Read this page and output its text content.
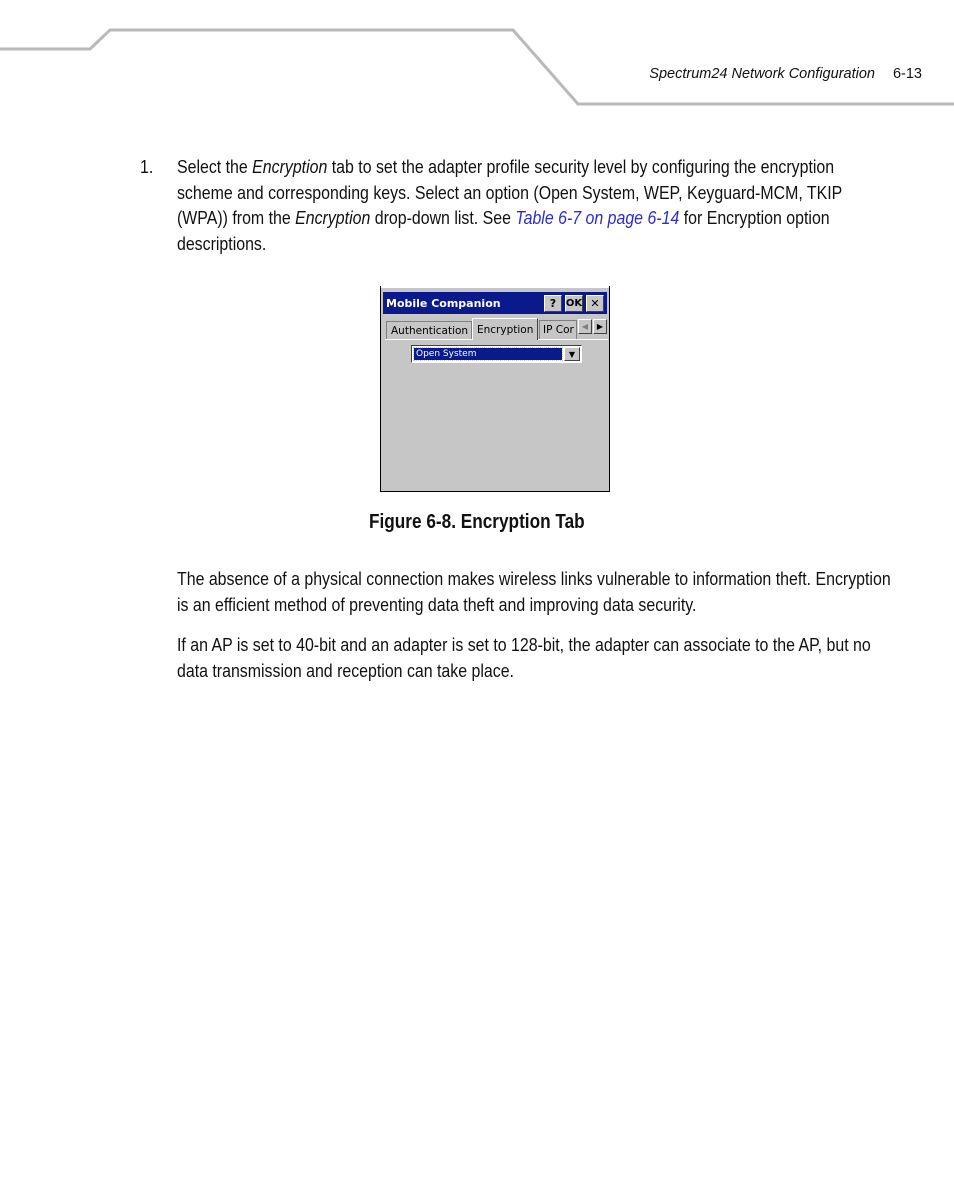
Spectrum24 Network Configuration 6-13
1. Select the Encryption tab to set the adapter profile security level by configuring the encryption scheme and corresponding keys. Select an option (Open System, WEP, Keyguard-MCM, TKIP (WPA)) from the Encryption drop-down list. See Table 6-7 on page 6-14 for Encryption option descriptions.
Mobile Companion	? OK ✕
Authentication Encryption IP Cor	◀	▶
Open System	▼
Figure 6-8. Encryption Tab
The absence of a physical connection makes wireless links vulnerable to information theft. Encryption is an efficient method of preventing data theft and improving data security.
If an AP is set to 40-bit and an adapter is set to 128-bit, the adapter can associate to the AP, but no data transmission and reception can take place.
